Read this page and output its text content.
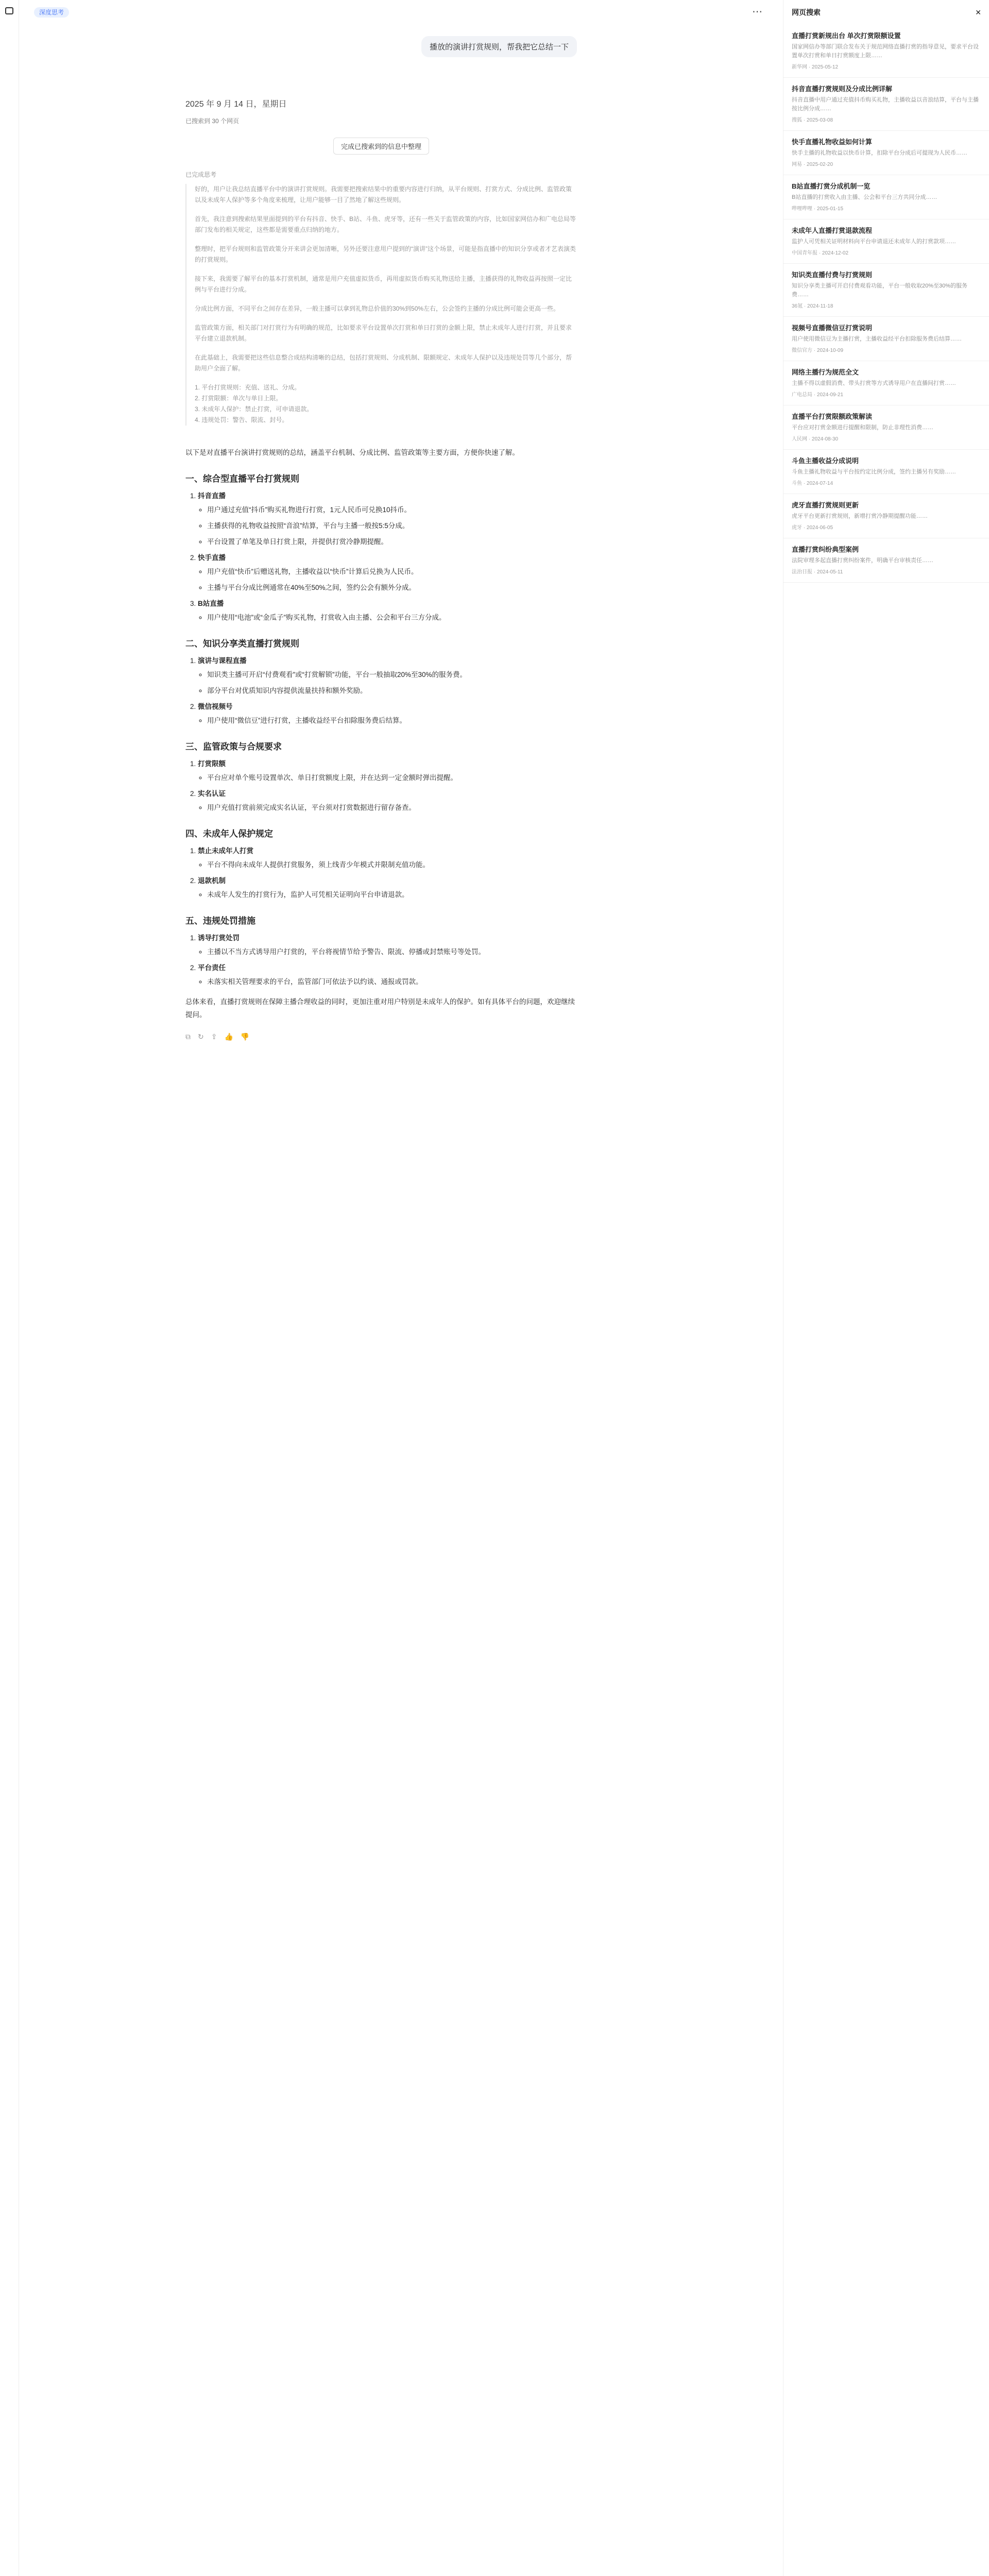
深度思考	⋯
播放的演讲打赏规则，帮我把它总结一下
2025 年 9 月 14 日，星期日
已搜索到 30 个网页
完成已搜索到的信息中整理
已完成思考

好的，用户让我总结直播平台中的演讲打赏规则。我需要把搜索结果中的重要内容进行归纳，从平台规则、打赏方式、分成比例、监管政策以及未成年人保护等多个角度来梳理，让用户能够一目了然地了解这些规则。

首先，我注意到搜索结果里面提到的平台有抖音、快手、B站、斗鱼、虎牙等，还有一些关于监管政策的内容，比如国家网信办和广电总局等部门发布的相关规定，这些都是需要重点归纳的地方。

整理时，把平台规则和监管政策分开来讲会更加清晰，另外还要注意用户提到的“演讲”这个场景，可能是指直播中的知识分享或者才艺表演类的打赏规则。

接下来，我需要了解平台的基本打赏机制，通常是用户充值虚拟货币，再用虚拟货币购买礼物送给主播，主播获得的礼物收益再按照一定比例与平台进行分成。

分成比例方面，不同平台之间存在差异，一般主播可以拿到礼物总价值的30%到50%左右，公会签约主播的分成比例可能会更高一些。

监管政策方面，相关部门对打赏行为有明确的规范，比如要求平台设置单次打赏和单日打赏的金额上限，禁止未成年人进行打赏，并且要求平台建立退款机制。

在此基础上，我需要把这些信息整合成结构清晰的总结，包括打赏规则、分成机制、限额规定、未成年人保护以及违规处罚等几个部分，帮助用户全面了解。

1. 平台打赏规则：充值、送礼、分成。
2. 打赏限额：单次与单日上限。
3. 未成年人保护：禁止打赏，可申请退款。
4. 违规处罚：警告、限流、封号。

以下是对直播平台演讲打赏规则的总结，涵盖平台机制、分成比例、监管政策等主要方面，方便你快速了解。

一、综合型直播平台打赏规则
1. 抖音直播
◦ 用户通过充值“抖币”购买礼物进行打赏，1元人民币可兑换10抖币。
◦ 主播获得的礼物收益按照“音浪”结算，平台与主播一般按5:5分成。
◦ 平台设置了单笔及单日打赏上限，并提供打赏冷静期提醒。
2. 快手直播
◦ 用户充值“快币”后赠送礼物，主播收益以“快币”计算后兑换为人民币。
◦ 主播与平台分成比例通常在40%至50%之间，签约公会有额外分成。
3. B站直播
◦ 用户使用“电池”或“金瓜子”购买礼物，打赏收入由主播、公会和平台三方分成。
二、知识分享类直播打赏规则
1. 演讲与课程直播
◦ 知识类主播可开启“付费观看”或“打赏解锁”功能，平台一般抽取20%至30%的服务费。
◦ 部分平台对优质知识内容提供流量扶持和额外奖励。
2. 微信视频号
◦ 用户使用“微信豆”进行打赏，主播收益经平台扣除服务费后结算。
三、监管政策与合规要求
1. 打赏限额
◦ 平台应对单个账号设置单次、单日打赏额度上限，并在达到一定金额时弹出提醒。
2. 实名认证
◦ 用户充值打赏前须完成实名认证，平台须对打赏数据进行留存备查。
四、未成年人保护规定
1. 禁止未成年人打赏
◦ 平台不得向未成年人提供打赏服务，须上线青少年模式并限制充值功能。
2. 退款机制
◦ 未成年人发生的打赏行为，监护人可凭相关证明向平台申请退款。
五、违规处罚措施
1. 诱导打赏处罚
◦ 主播以不当方式诱导用户打赏的，平台将视情节给予警告、限流、停播或封禁账号等处罚。
2. 平台责任
◦ 未落实相关管理要求的平台，监管部门可依法予以约谈、通报或罚款。

总体来看，直播打赏规则在保障主播合理收益的同时，更加注重对用户特别是未成年人的保护。如有具体平台的问题，欢迎继续提问。

⧉ ↻ ⇪ 👍 👎
网页搜索	✕
直播打赏新规出台 单次打赏限额设置
国家网信办等部门联合发布关于规范网络直播打赏的指导意见，要求平台设置单次打赏和单日打赏额度上限……
新华网 · 2025-05-12
抖音直播打赏规则及分成比例详解
抖音直播中用户通过充值抖币购买礼物，主播收益以音浪结算，平台与主播按比例分成……
搜狐 · 2025-03-08
快手直播礼物收益如何计算
快手主播的礼物收益以快币计算，扣除平台分成后可提现为人民币……
网易 · 2025-02-20
B站直播打赏分成机制一览
B站直播的打赏收入由主播、公会和平台三方共同分成……
哔哩哔哩 · 2025-01-15
未成年人直播打赏退款流程
监护人可凭相关证明材料向平台申请退还未成年人的打赏款项……
中国青年报 · 2024-12-02
知识类直播付费与打赏规则
知识分享类主播可开启付费观看功能，平台一般收取20%至30%的服务费……
36氪 · 2024-11-18
视频号直播微信豆打赏说明
用户使用微信豆为主播打赏，主播收益经平台扣除服务费后结算……
微信官方 · 2024-10-09
网络主播行为规范全文
主播不得以虚假消费、带头打赏等方式诱导用户在直播间打赏……
广电总局 · 2024-09-21
直播平台打赏限额政策解读
平台应对打赏金额进行提醒和限制，防止非理性消费……
人民网 · 2024-08-30
斗鱼主播收益分成说明
斗鱼主播礼物收益与平台按约定比例分成，签约主播另有奖励……
斗鱼 · 2024-07-14
虎牙直播打赏规则更新
虎牙平台更新打赏规则，新增打赏冷静期提醒功能……
虎牙 · 2024-06-05
直播打赏纠纷典型案例
法院审理多起直播打赏纠纷案件，明确平台审核责任……
法治日报 · 2024-05-11
